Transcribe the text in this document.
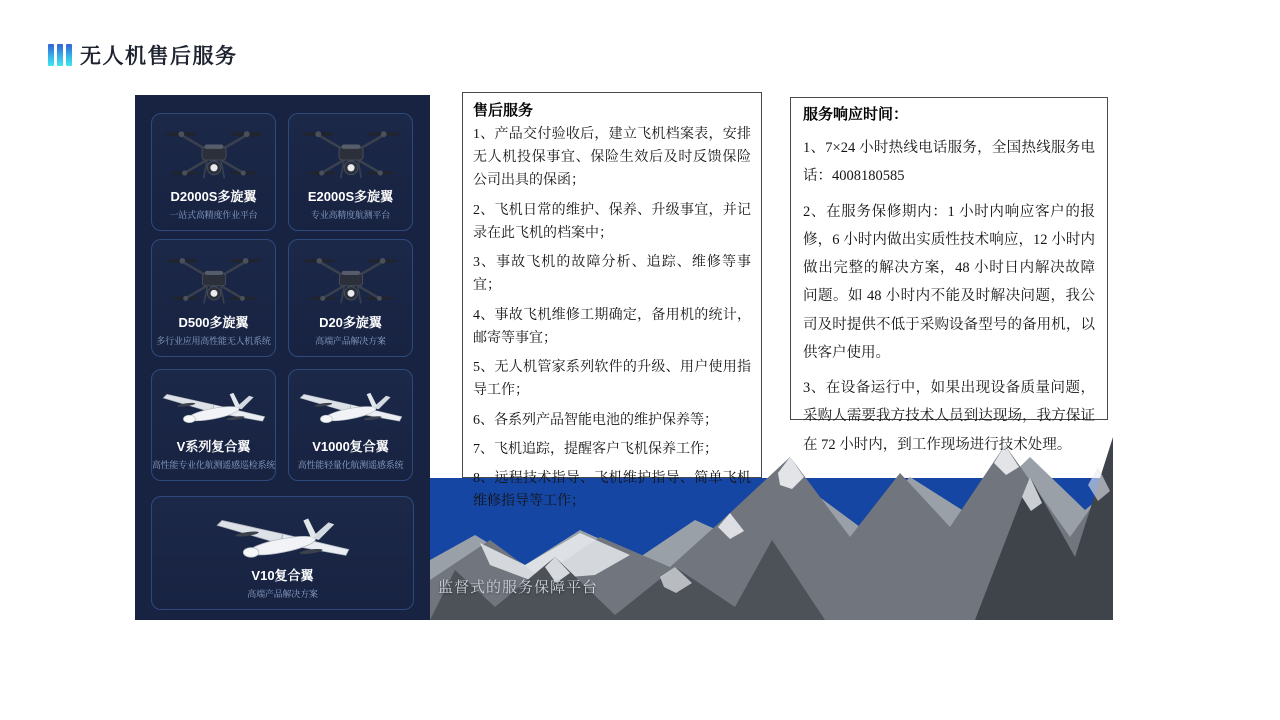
无人机售后服务
监督式的服务保障平台
D2000S多旋翼
一站式高精度作业平台
E2000S多旋翼
专业高精度航测平台
D500多旋翼
多行业应用高性能无人机系统
D20多旋翼
高端产品解决方案
V系列复合翼
高性能专业化航测遥感巡检系统
V1000复合翼
高性能轻量化航测遥感系统
V10复合翼
高端产品解决方案
售后服务

1、产品交付验收后，建立飞机档案表，安排无人机投保事宜、保险生效后及时反馈保险公司出具的保函；

2、飞机日常的维护、保养、升级事宜，并记录在此飞机的档案中；

3、事故飞机的故障分析、追踪、维修等事宜；

4、事故飞机维修工期确定，备用机的统计，邮寄等事宜；

5、无人机管家系列软件的升级、用户使用指导工作；

6、各系列产品智能电池的维护保养等；

7、飞机追踪，提醒客户飞机保养工作；

8、远程技术指导、飞机维护指导、简单飞机维修指导等工作；

服务响应时间：

1、7×24 小时热线电话服务，全国热线服务电话：4008180585

2、在服务保修期内：1 小时内响应客户的报修，6 小时内做出实质性技术响应，12 小时内做出完整的解决方案，48 小时日内解决故障问题。如 48 小时内不能及时解决问题，我公司及时提供不低于采购设备型号的备用机，以供客户使用。

3、在设备运行中，如果出现设备质量问题，采购人需要我方技术人员到达现场，我方保证在 72 小时内，到工作现场进行技术处理。
